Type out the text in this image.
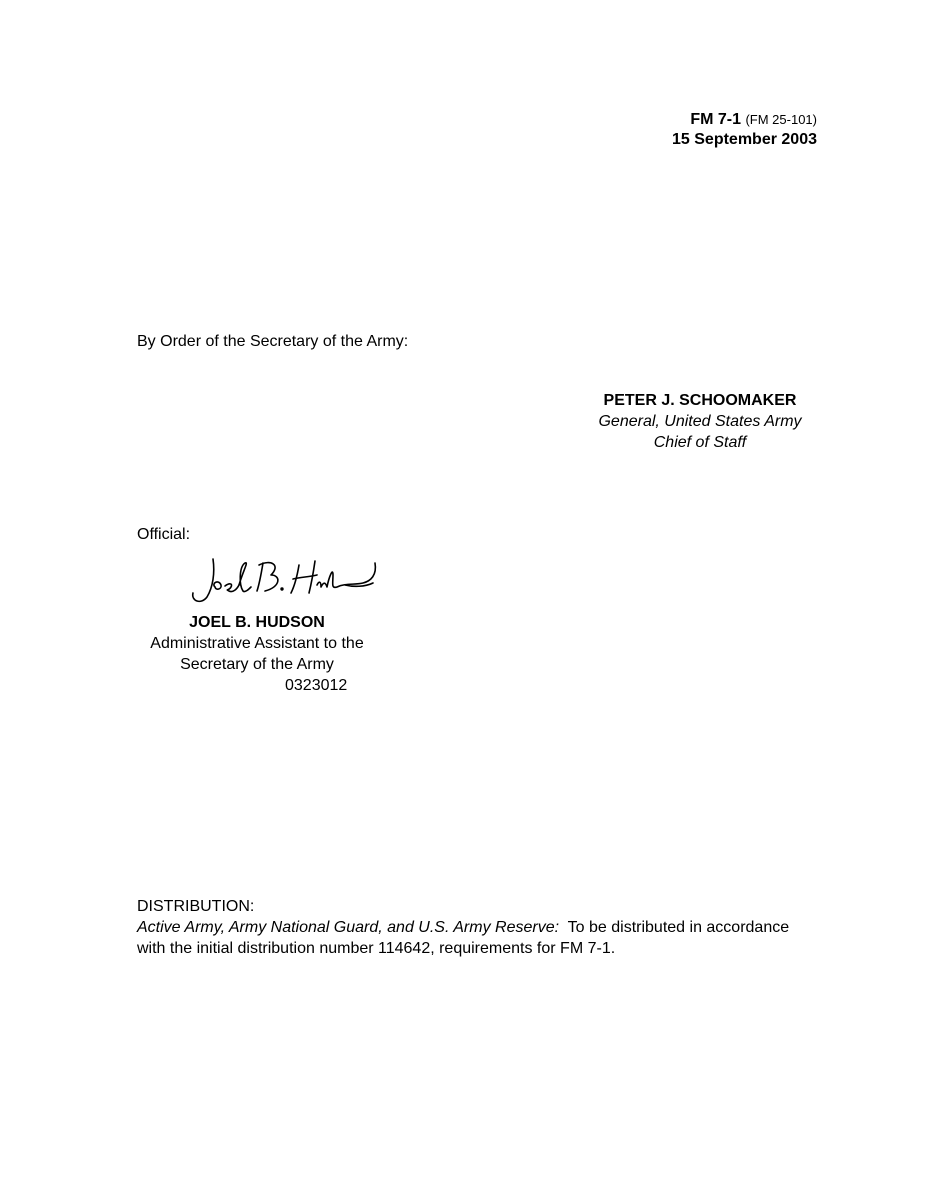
FM 7-1 (FM 25-101)
15 September 2003
By Order of the Secretary of the Army:
PETER J. SCHOOMAKER
General, United States Army
Chief of Staff
Official:
JOEL B. HUDSON
Administrative Assistant to the
Secretary of the Army
0323012
DISTRIBUTION:
Active Army, Army National Guard, and U.S. Army Reserve: To be distributed in accordance with the initial distribution number 114642, requirements for FM 7-1.
